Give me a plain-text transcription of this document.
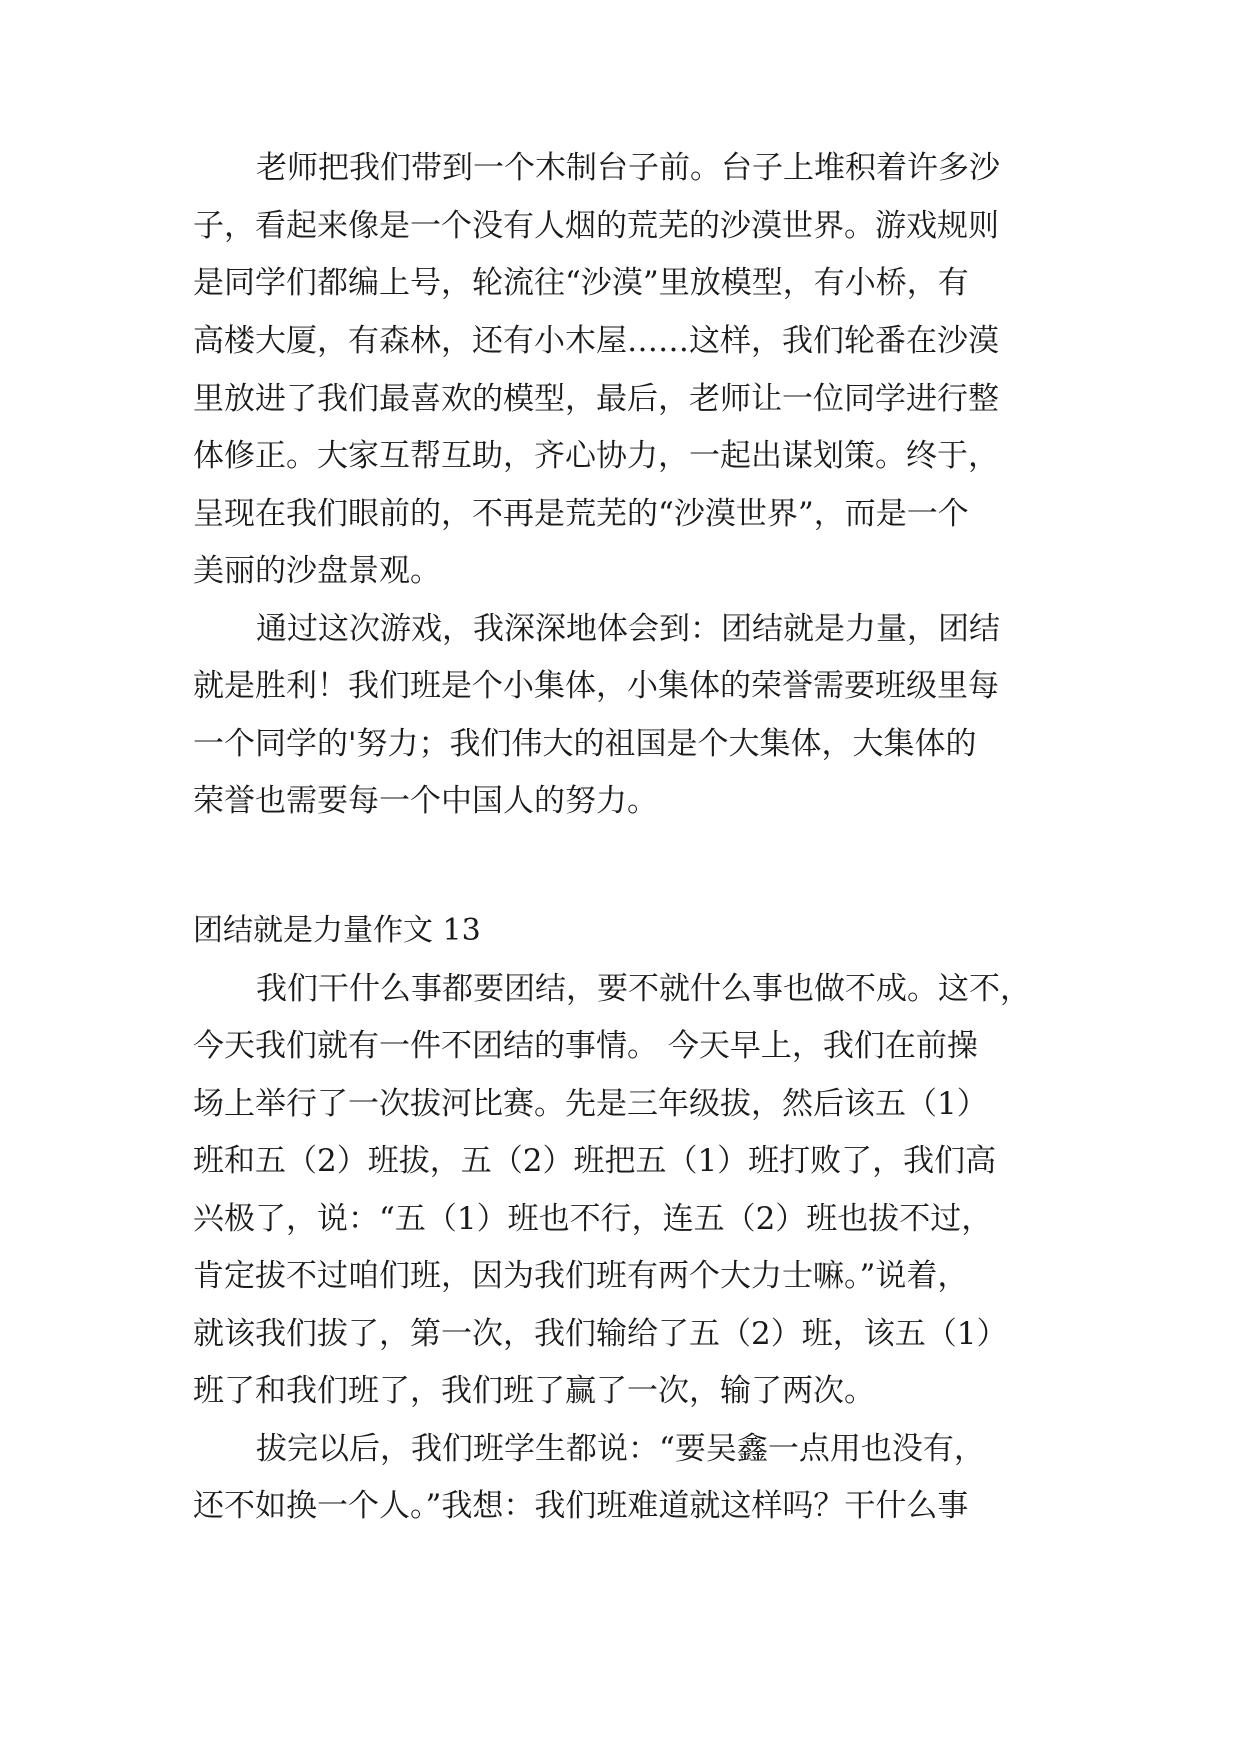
老师把我们带到一个木制台子前。台子上堆积着许多沙
子，看起来像是一个没有人烟的荒芜的沙漠世界。游戏规则
是同学们都编上号，轮流往“沙漠”里放模型，有小桥，有
高楼大厦，有森林，还有小木屋……这样，我们轮番在沙漠
里放进了我们最喜欢的模型，最后，老师让一位同学进行整
体修正。大家互帮互助，齐心协力，一起出谋划策。终于，
呈现在我们眼前的，不再是荒芜的“沙漠世界”，而是一个
美丽的沙盘景观。
通过这次游戏，我深深地体会到：团结就是力量，团结
就是胜利！我们班是个小集体，小集体的荣誉需要班级里每
一个同学的'努力；我们伟大的祖国是个大集体，大集体的
荣誉也需要每一个中国人的努力。
团结就是力量作文 13
我们干什么事都要团结，要不就什么事也做不成。这不，
今天我们就有一件不团结的事情。 今天早上，我们在前操
场上举行了一次拔河比赛。先是三年级拔，然后该五（1）
班和五（2）班拔，五（2）班把五（1）班打败了，我们高
兴极了，说：“五（1）班也不行，连五（2）班也拔不过，
肯定拔不过咱们班，因为我们班有两个大力士嘛。”说着，
就该我们拔了，第一次，我们输给了五（2）班，该五（1）
班了和我们班了，我们班了赢了一次，输了两次。
拔完以后，我们班学生都说：“要吴鑫一点用也没有，
还不如换一个人。”我想：我们班难道就这样吗？干什么事
